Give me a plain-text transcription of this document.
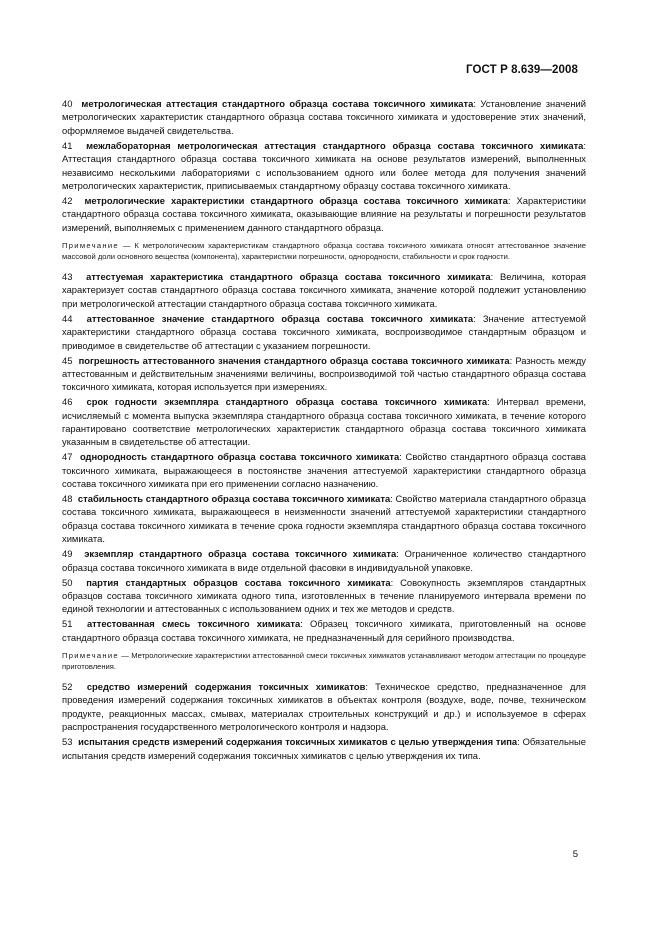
ГОСТ Р 8.639—2008

40 метрологическая аттестация стандартного образца состава токсичного химиката: Установление значений метрологических характеристик стандартного образца состава токсичного химиката и удостоверение этих значений, оформляемое выдачей свидетельства.

41 межлабораторная метрологическая аттестация стандартного образца состава токсичного химиката: Аттестация стандартного образца состава токсичного химиката на основе результатов измерений, выполненных независимо несколькими лабораториями с использованием одного или более метода для получения значений метрологических характеристик, приписываемых стандартному образцу состава токсичного химиката.

42 метрологические характеристики стандартного образца состава токсичного химиката: Характеристики стандартного образца состава токсичного химиката, оказывающие влияние на результаты и погрешности результатов измерений, выполняемых с применением данного стандартного образца.

Примечание — К метрологическим характеристикам стандартного образца состава токсичного химиката относят аттестованное значение массовой доли основного вещества (компонента), характеристики погрешности, однородности, стабильности и срок годности.

43 аттестуемая характеристика стандартного образца состава токсичного химиката: Величина, которая характеризует состав стандартного образца состава токсичного химиката, значение которой подлежит установлению при метрологической аттестации стандартного образца состава токсичного химиката.

44 аттестованное значение стандартного образца состава токсичного химиката: Значение аттестуемой характеристики стандартного образца состава токсичного химиката, воспроизводимое стандартным образцом и приводимое в свидетельстве об аттестации с указанием погрешности.

45 погрешность аттестованного значения стандартного образца состава токсичного химиката: Разность между аттестованным и действительным значениями величины, воспроизводимой той частью стандартного образца состава токсичного химиката, которая используется при измерениях.

46 срок годности экземпляра стандартного образца состава токсичного химиката: Интервал времени, исчисляемый с момента выпуска экземпляра стандартного образца состава токсичного химиката, в течение которого гарантировано соответствие метрологических характеристик стандартного образца состава токсичного химиката указанным в свидетельстве об аттестации.

47 однородность стандартного образца состава токсичного химиката: Свойство стандартного образца состава токсичного химиката, выражающееся в постоянстве значения аттестуемой характеристики стандартного образца состава токсичного химиката при его применении согласно назначению.

48 стабильность стандартного образца состава токсичного химиката: Свойство материала стандартного образца состава токсичного химиката, выражающееся в неизменности значений аттестуемой характеристики стандартного образца состава токсичного химиката в течение срока годности экземпляра стандартного образца состава токсичного химиката.

49 экземпляр стандартного образца состава токсичного химиката: Ограниченное количество стандартного образца состава токсичного химиката в виде отдельной фасовки в индивидуальной упаковке.

50 партия стандартных образцов состава токсичного химиката: Совокупность экземпляров стандартных образцов состава токсичного химиката одного типа, изготовленных в течение планируемого интервала времени по единой технологии и аттестованных с использованием одних и тех же методов и средств.

51 аттестованная смесь токсичного химиката: Образец токсичного химиката, приготовленный на основе стандартного образца состава токсичного химиката, не предназначенный для серийного производства.

Примечание — Метрологические характеристики аттестованной смеси токсичных химикатов устанавливают методом аттестации по процедуре приготовления.

52 средство измерений содержания токсичных химикатов: Техническое средство, предназначенное для проведения измерений содержания токсичных химикатов в объектах контроля (воздухе, воде, почве, техническом продукте, реакционных массах, смывах, материалах строительных конструкций и др.) и используемое в сферах распространения государственного метрологического контроля и надзора.

53 испытания средств измерений содержания токсичных химикатов с целью утверждения типа: Обязательные испытания средств измерений содержания токсичных химикатов с целью утверждения их типа.

5
